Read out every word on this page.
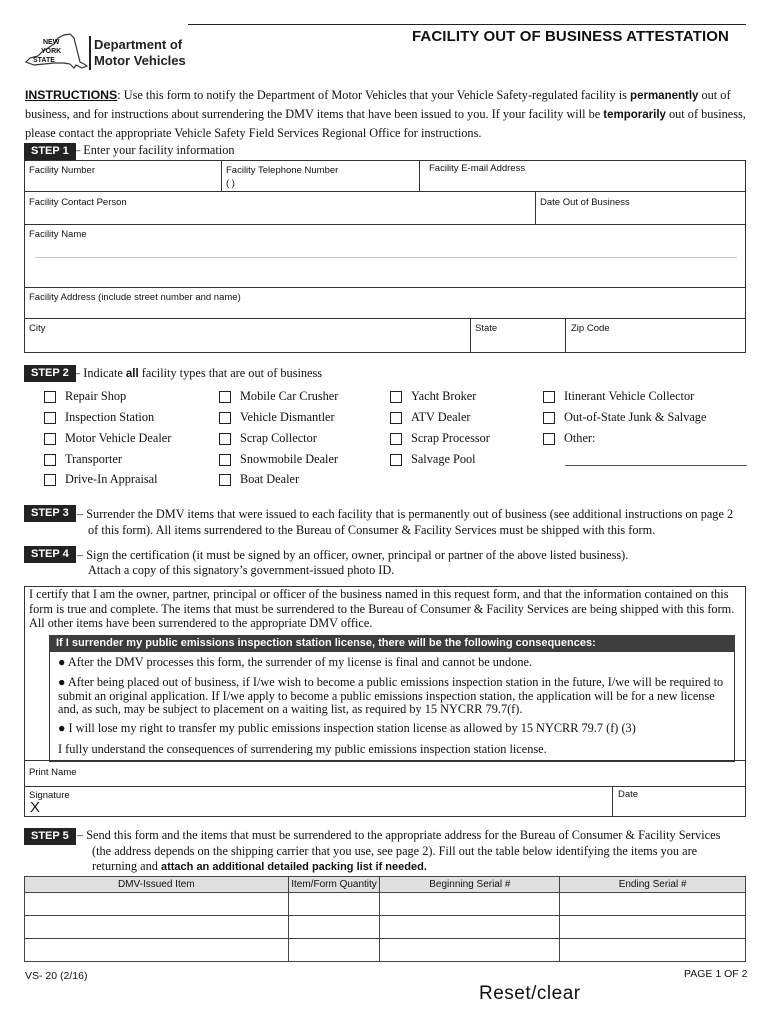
FACILITY OUT OF BUSINESS ATTESTATION
NEW
YORK
STATE
Department of
Motor Vehicles
INSTRUCTIONS: Use this form to notify the Department of Motor Vehicles that your Vehicle Safety-regulated facility is permanently out of business, and for instructions about surrendering the DMV items that have been issued to you. If your facility will be temporarily out of business, please contact the appropriate Vehicle Safety Field Services Regional Office for instructions.
STEP 1 – Enter your facility information
Facility Number	Facility Telephone Number
( )
Facility E-mail Address
Facility Contact Person	Date Out of Business
Facility Name
Facility Address (include street number and name)
City	State	Zip Code
STEP 2 – Indicate all facility types that are out of business
Repair Shop
Inspection Station
Motor Vehicle Dealer
Transporter
Drive-In Appraisal
Mobile Car Crusher
Vehicle Dismantler
Scrap Collector
Snowmobile Dealer
Boat Dealer
Yacht Broker
ATV Dealer
Scrap Processor
Salvage Pool
Itinerant Vehicle Collector
Out-of-State Junk & Salvage
Other:
STEP 3 – Surrender the DMV items that were issued to each facility that is permanently out of business (see additional instructions on page 2
of this form). All items surrendered to the Bureau of Consumer & Facility Services must be shipped with this form.
STEP 4 – Sign the certification (it must be signed by an officer, owner, principal or partner of the above listed business).
Attach a copy of this signatory’s government-issued photo ID.
I certify that I am the owner, partner, principal or officer of the business named in this request form, and that the information contained on this form is true and complete. The items that must be surrendered to the Bureau of Consumer & Facility Services are being shipped with this form. All other items have been surrendered to the appropriate DMV office.
If I surrender my public emissions inspection station license, there will be the following consequences:
● After the DMV processes this form, the surrender of my license is final and cannot be undone.
● After being placed out of business, if I/we wish to become a public emissions inspection station in the future, I/we will be required to submit an original application. If I/we apply to become a public emissions inspection station, the application will be for a new license and, as such, may be subject to placement on a waiting list, as required by 15 NYCRR 79.7(f).
● I will lose my right to transfer my public emissions inspection station license as allowed by 15 NYCRR 79.7 (f) (3)
I fully understand the consequences of surrendering my public emissions inspection station license.
Print Name
Signature
X
Date
STEP 5 – Send this form and the items that must be surrendered to the appropriate address for the Bureau of Consumer & Facility Services
(the address depends on the shipping carrier that you use, see page 2). Fill out the table below identifying the items you are
returning and attach an additional detailed packing list if needed.
DMV-Issued Item	Item/Form Quantity	Beginning Serial #	Ending Serial #

VS- 20 (2/16)	PAGE 1 OF 2
Reset/clear
